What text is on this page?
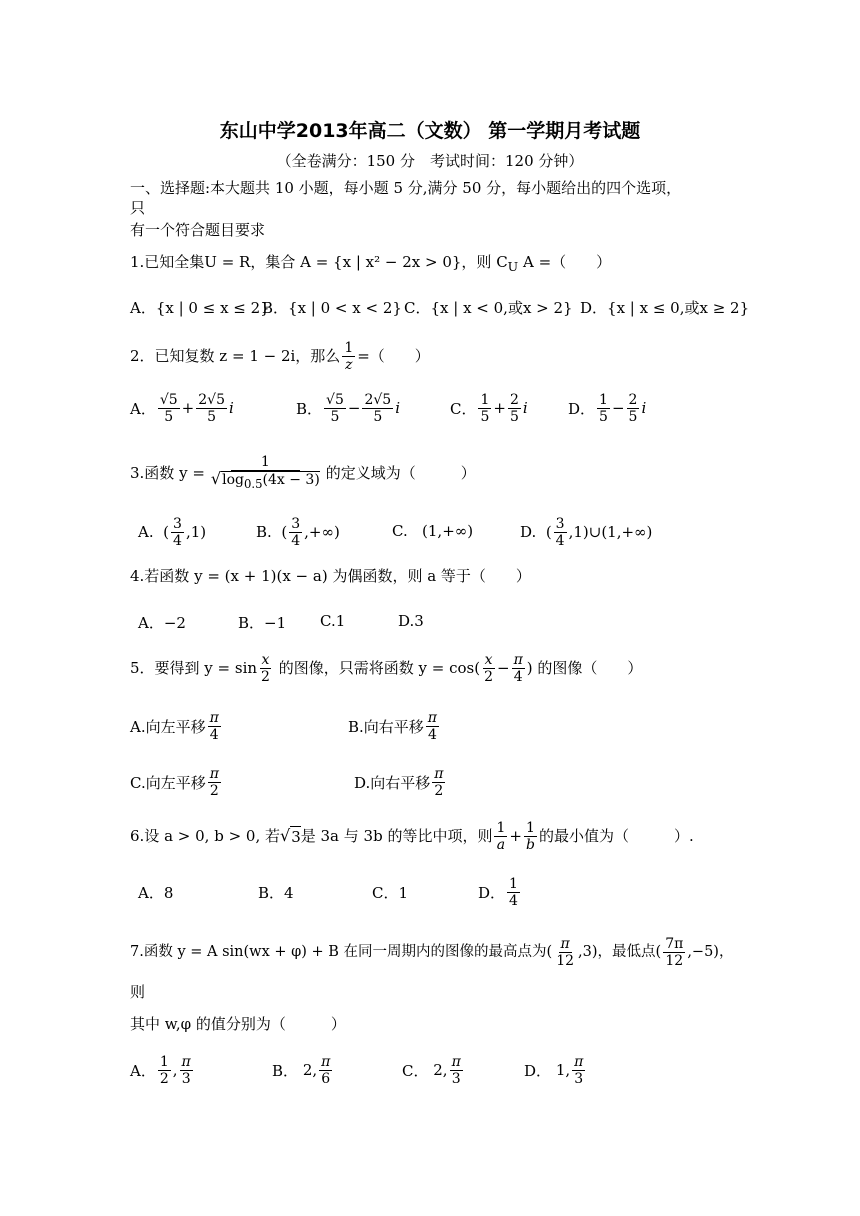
东山中学2013年高二（文数） 第一学期月考试题
（全卷满分：150 分　考试时间：120 分钟）
一、选择题:本大题共 10 小题，每小题 5 分,满分 50 分，每小题给出的四个选项，
只
有一个符合题目要求
1.已知全集U = R，集合 A = {x | x² − 2x > 0}，则 $C_U$ A =（　　）
A．{x | 0 ≤ x ≤ 2}
B．{x | 0 < x < 2} C．{x | x < 0,或x > 2} D．{x | x ≤ 0,或x ≥ 2}
2．已知复数 z = 1 − 2i，那么 $\frac{1}{z}$ =（　　）
A． $\frac{√5}{5} + \frac{2√5}{5}$ i	B． $\frac{√5}{5} - \frac{2√5}{5}$ i	C． $\frac{1}{5} + \frac{2}{5}$ i	D． $\frac{1}{5} - \frac{2}{5}$ i
3.函数 $y = \frac{1}{√\log_{0.5}(4x - 3)}$ 的定义域为（　　　）
A.
( $\frac{3}{4} ,1$)	B.
( $\frac{3}{4}$ ,+∞)	C. (1,+∞)	D.
( $\frac{3}{4}$ ,1)∪(1,+∞)
4.若函数 y = (x + 1)(x − a) 为偶函数，则 a 等于（　　）
A．−2	B．−1 C.1	D.3
5．要得到 $y = \sin \frac{x}{2}$
的图像，只需将函数 $y = \cos( \frac{x}{2} - \frac{\pi}{4}$ ) 的图像（　　）
A.向左平移 $\frac{\pi}{4}$	B.向右平移 $\frac{\pi}{4}$
C.向左平移 $\frac{\pi}{2}$	D.向右平移 $\frac{\pi}{2}$
6.设 a > 0, b > 0, 若 √ 3 是 3a 与 3b 的等比中项，则 $\frac{1}{a} + \frac{1}{b}$ 的最小值为（　　　）.
A．8	B．4	C．1	D． $\frac{1}{4}$
7.函数 y = A sin(wx + φ) + B 在同一周期内的图像的最高点为( $\frac{\pi}{12} ,3$)，最低点( $\frac{7\pi}{12} ,-5$)，
则
其中 w,φ 的值分别为（　　　）
A． $\frac{1}{2}$ , $\frac{\pi}{3}$	B．
2, $\frac{\pi}{6}$	C．
2, $\frac{\pi}{3}$	D．
1, $\frac{\pi}{3}$
